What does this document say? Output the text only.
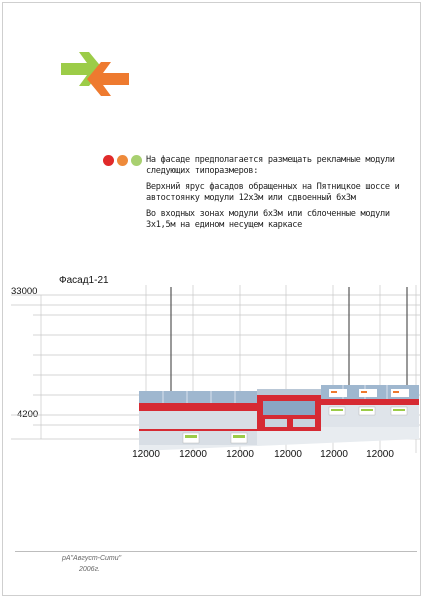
На фасаде предполагается размещать рекламные модули следующих типоразмеров:

Верхний ярус фасадов обращенных на Пятницкое шоссе и автостоянку модули 12х3м или сдвоенный 6х3м

Во входных зонах модули 6х3м или сблоченные модули 3х1,5м на едином несущем каркасе

Фасад1-21
33000
4200
12000	12000	12000	12000	12000	12000
рА"Август-Сити"
2006г.
